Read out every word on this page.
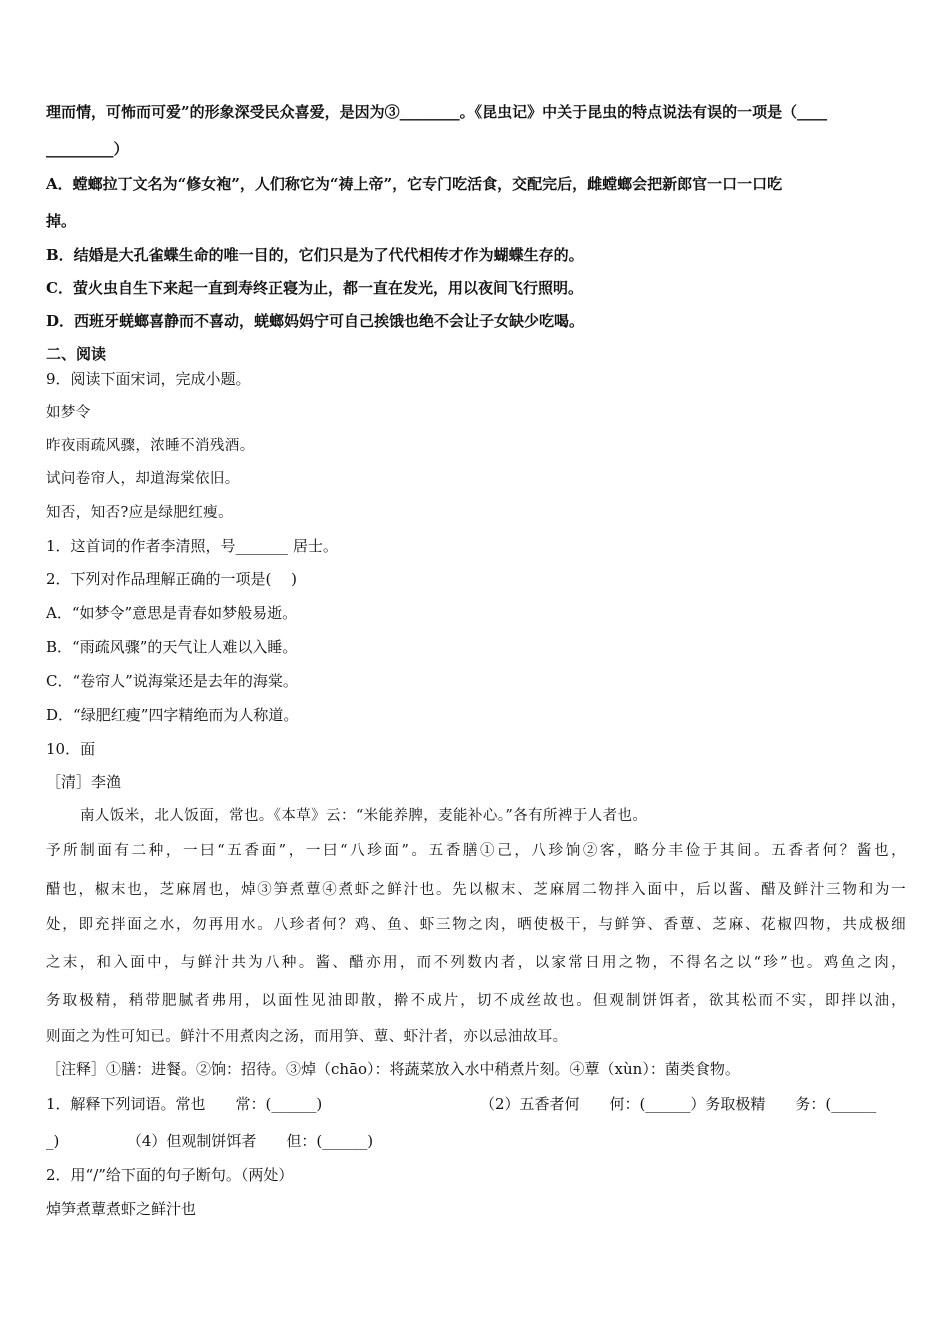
理而情，可怖而可爱”的形象深受民众喜爱，是因为③________。《昆虫记》中关于昆虫的特点说法有误的一项是（____
_________）
A．螳螂拉丁文名为“修女袍”，人们称它为“祷上帝”，它专门吃活食，交配完后，雌螳螂会把新郎官一口一口吃
掉。
B．结婚是大孔雀蝶生命的唯一目的，它们只是为了代代相传才作为蝴蝶生存的。
C．萤火虫自生下来起一直到寿终正寝为止，都一直在发光，用以夜间飞行照明。
D．西班牙蜣螂喜静而不喜动，蜣螂妈妈宁可自己挨饿也绝不会让子女缺少吃喝。
二、阅读
9．阅读下面宋词，完成小题。
如梦令
昨夜雨疏风骤，浓睡不消残酒。
试问卷帘人，却道海棠依旧。
知否，知否?应是绿肥红瘦。
1．这首词的作者李清照，号_______ 居士。
2．下列对作品理解正确的一项是(　 )
A．“如梦令”意思是青春如梦般易逝。
B．“雨疏风骤”的天气让人难以入睡。
C．“卷帘人”说海棠还是去年的海棠。
D．“绿肥红瘦”四字精绝而为人称道。
10．面
［清］李渔
南人饭米，北人饭面，常也。《本草》云：“米能养脾，麦能补心。”各有所裨于人者也。
予所制面有二种，一曰“五香面”，一曰“八珍面”。五香膳①己，八珍饷②客，略分丰俭于其间。五香者何？酱也，
醋也，椒末也，芝麻屑也，焯③笋煮蕈④煮虾之鲜汁也。先以椒末、芝麻屑二物拌入面中，后以酱、醋及鲜汁三物和为一
处，即充拌面之水，勿再用水。八珍者何？鸡、鱼、虾三物之肉，晒使极干，与鲜笋、香蕈、芝麻、花椒四物，共成极细
之末，和入面中，与鲜汁共为八种。酱、醋亦用，而不列数内者，以家常日用之物，不得名之以“珍”也。鸡鱼之肉，
务取极精，稍带肥腻者弗用，以面性见油即散，擀不成片，切不成丝故也。但观制饼饵者，欲其松而不实，即拌以油，
则面之为性可知已。鲜汁不用煮肉之汤，而用笋、蕈、虾汁者，亦以忌油故耳。
［注释］①膳：进餐。②饷：招待。③焯（chāo）：将蔬菜放入水中稍煮片刻。④蕈（xùn）：菌类食物。
1．解释下列词语。常也　　常：(______)	（2）五香者何　　何：(______）务取极精　　务：(______
_)　　　　　（4）但观制饼饵者　　但：(______)
2．用“/”给下面的句子断句。（两处）
焯笋煮蕈煮虾之鲜汁也
